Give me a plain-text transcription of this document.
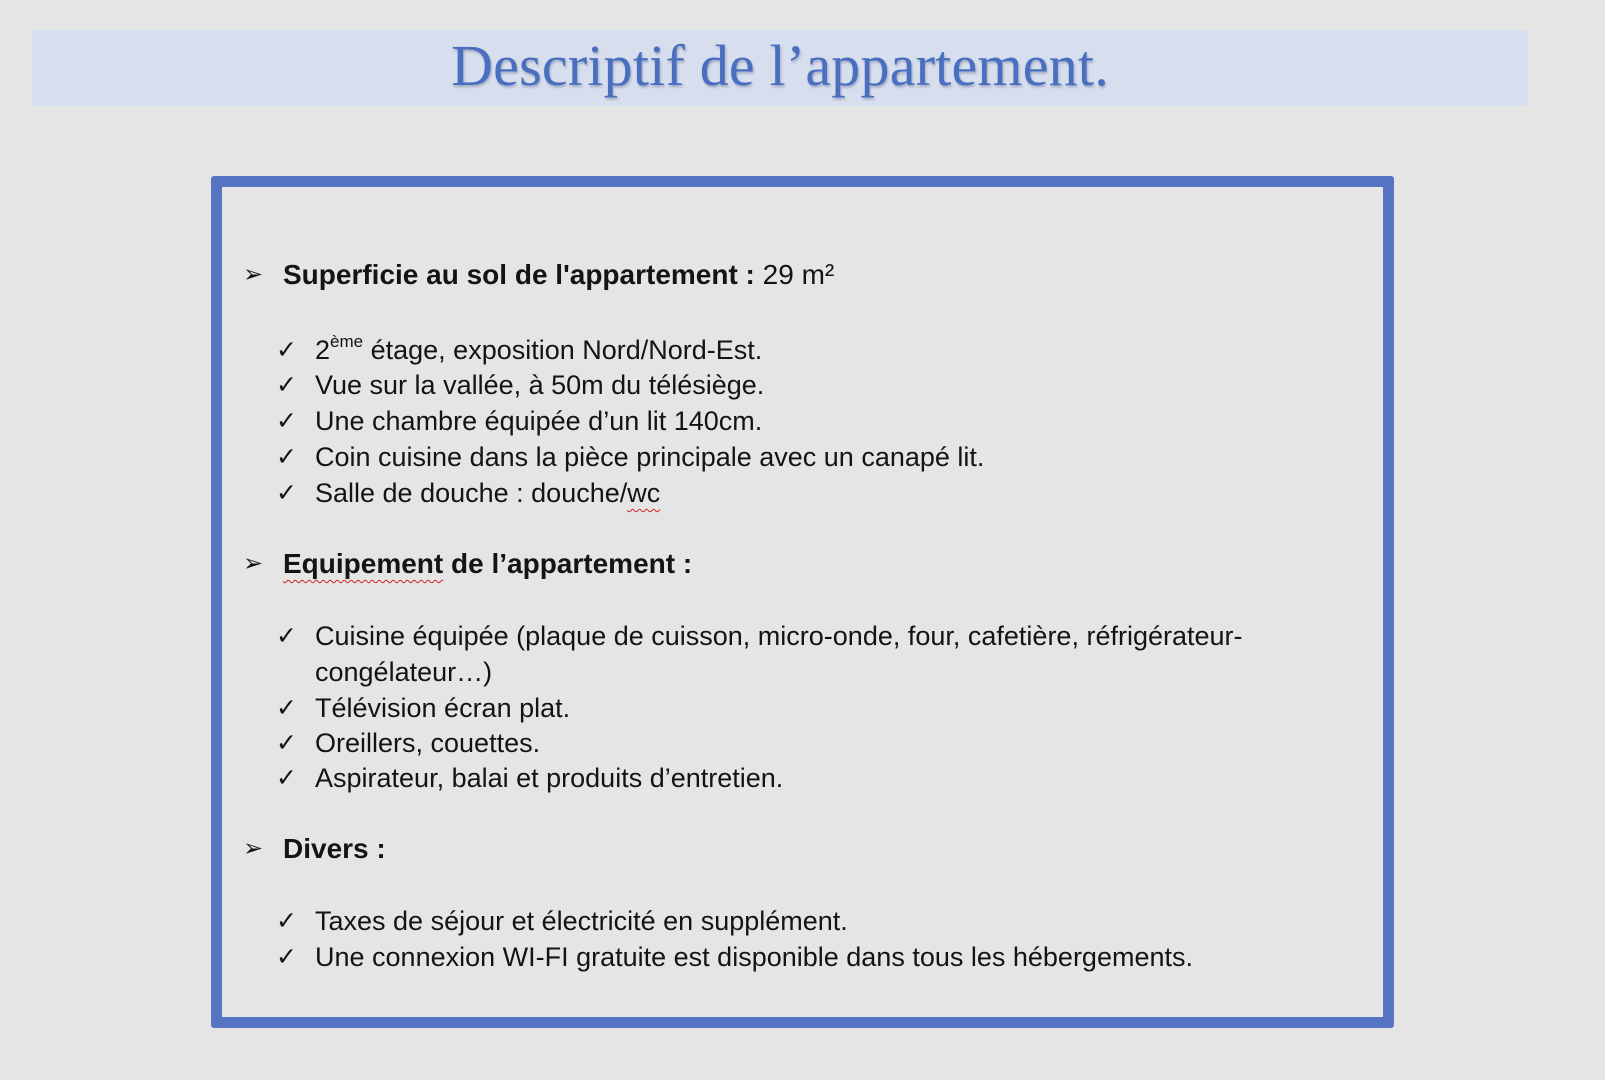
Descriptif de l’appartement.
➢ Superficie au sol de l'appartement : 29 m²
✓ 2ème étage, exposition Nord/Nord-Est.
✓ Vue sur la vallée, à 50m du télésiège.
✓ Une chambre équipée d’un lit 140cm.
✓ Coin cuisine dans la pièce principale avec un canapé lit.
✓ Salle de douche : douche/wc
➢ Equipement de l’appartement :
✓ Cuisine équipée (plaque de cuisson, micro-onde, four, cafetière, réfrigérateur-
congélateur…)
✓ Télévision écran plat.
✓ Oreillers, couettes.
✓ Aspirateur, balai et produits d’entretien.
➢ Divers :
✓ Taxes de séjour et électricité en supplément.
✓ Une connexion WI-FI gratuite est disponible dans tous les hébergements.
